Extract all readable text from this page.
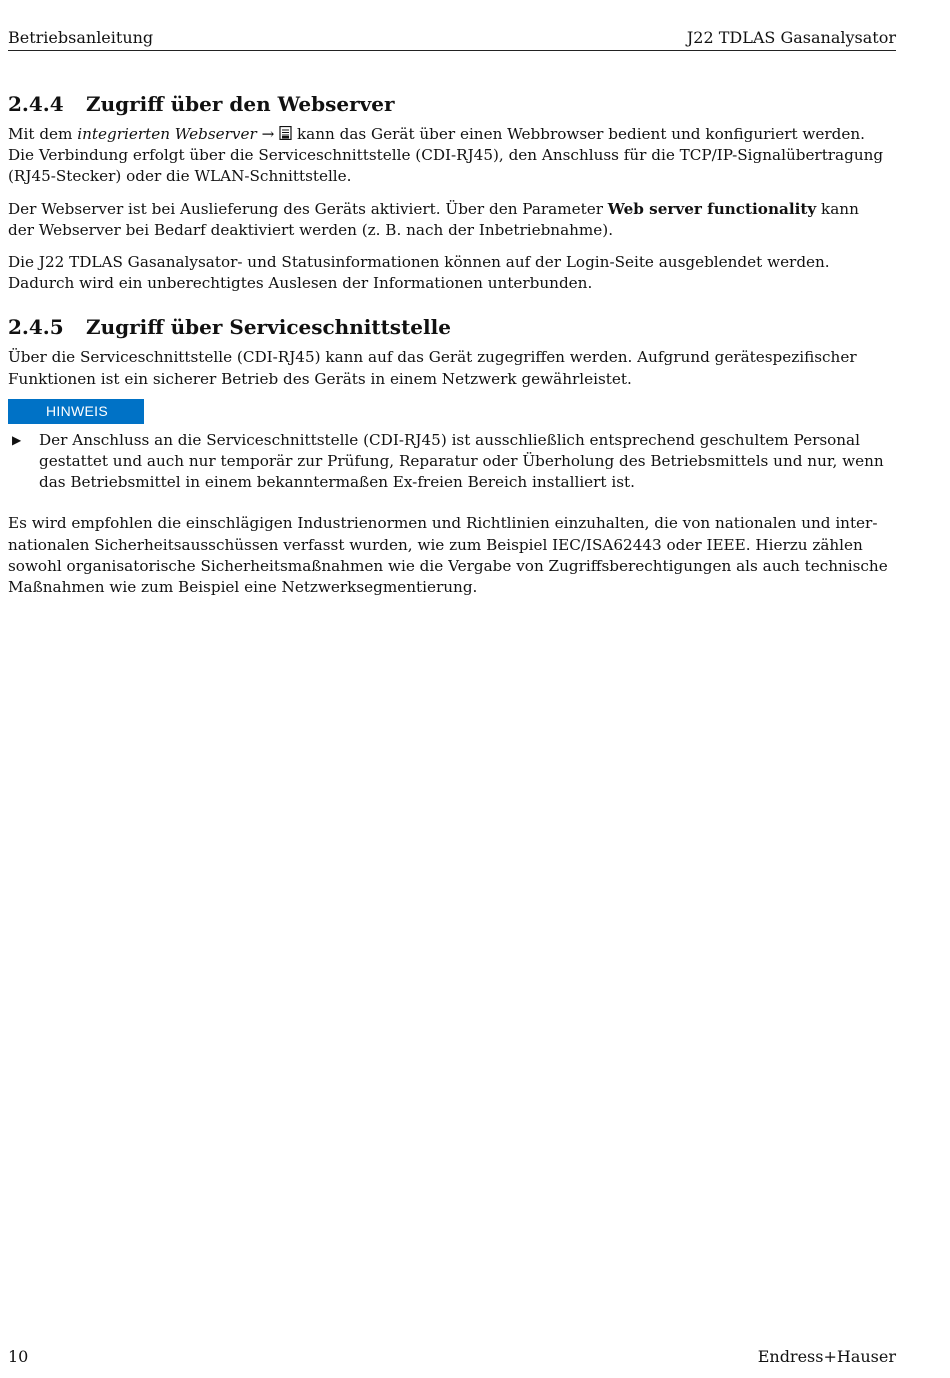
Betriebsanleitung	J22 TDLAS Gasanalysator
2.4.4	Zugriff über den Webserver

Mit dem integrierten Webserver →  kann das Gerät über einen Webbrowser bedient und konfiguriert werden. Die Verbindung erfolgt über die Serviceschnittstelle (CDI-RJ45), den Anschluss für die TCP/IP-Signalübertragung (RJ45-Stecker) oder die WLAN-Schnittstelle.

Der Webserver ist bei Auslieferung des Geräts aktiviert. Über den Parameter Web server functionality kann der Webserver bei Bedarf deaktiviert werden (z. B. nach der Inbetriebnahme).

Die J22 TDLAS Gasanalysator- und Statusinformationen können auf der Login-Seite ausgeblendet werden. Dadurch wird ein unberechtigtes Auslesen der Informationen unterbunden.

2.4.5	Zugriff über Serviceschnittstelle

Über die Serviceschnittstelle (CDI-RJ45) kann auf das Gerät zugegriffen werden. Aufgrund gerätespezifischer Funktionen ist ein sicherer Betrieb des Geräts in einem Netzwerk gewährleistet.

HINWEIS
▶	Der Anschluss an die Serviceschnittstelle (CDI-RJ45) ist ausschließlich entsprechend geschultem Personal gestattet und auch nur temporär zur Prüfung, Reparatur oder Überholung des Betriebsmittels und nur, wenn das Betriebsmittel in einem bekanntermaßen Ex-freien Bereich installiert ist.

Es wird empfohlen die einschlägigen Industrienormen und Richtlinien einzuhalten, die von nationalen und internationalen Sicherheitsausschüssen verfasst wurden, wie zum Beispiel IEC/ISA62443 oder IEEE. Hierzu zählen sowohl organisatorische Sicherheitsmaßnahmen wie die Vergabe von Zugriffsberechtigungen als auch technische Maßnahmen wie zum Beispiel eine Netzwerksegmentierung.

10	Endress+Hauser
